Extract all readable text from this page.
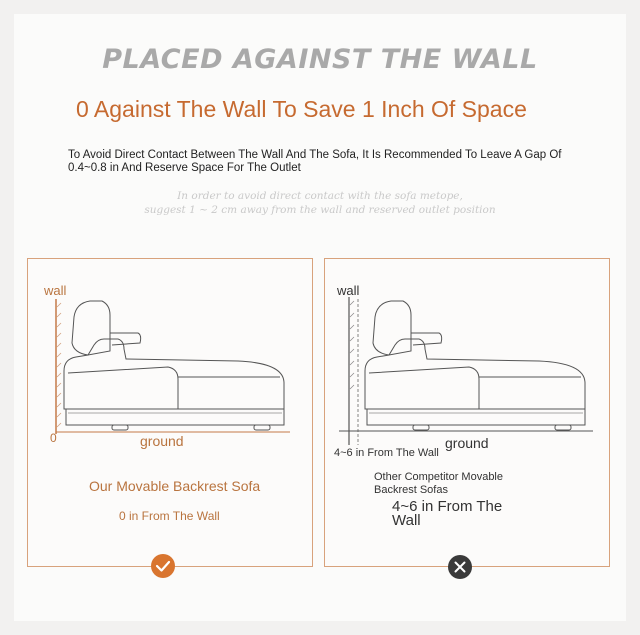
PLACED AGAINST THE WALL
0 Against The Wall To Save 1 Inch Of Space
To Avoid Direct Contact Between The Wall And The Sofa, It Is Recommended To Leave A Gap Of 0.4~0.8 in And Reserve Space For The Outlet
In order to avoid direct contact with the sofa metope,
suggest 1 ~ 2 cm away from the wall and reserved outlet position
wall
0	ground
Our Movable Backrest Sofa
0 in From The Wall
wall
ground
4~6 in From The Wall
Other Competitor Movable Backrest Sofas
4~6 in From The Wall
